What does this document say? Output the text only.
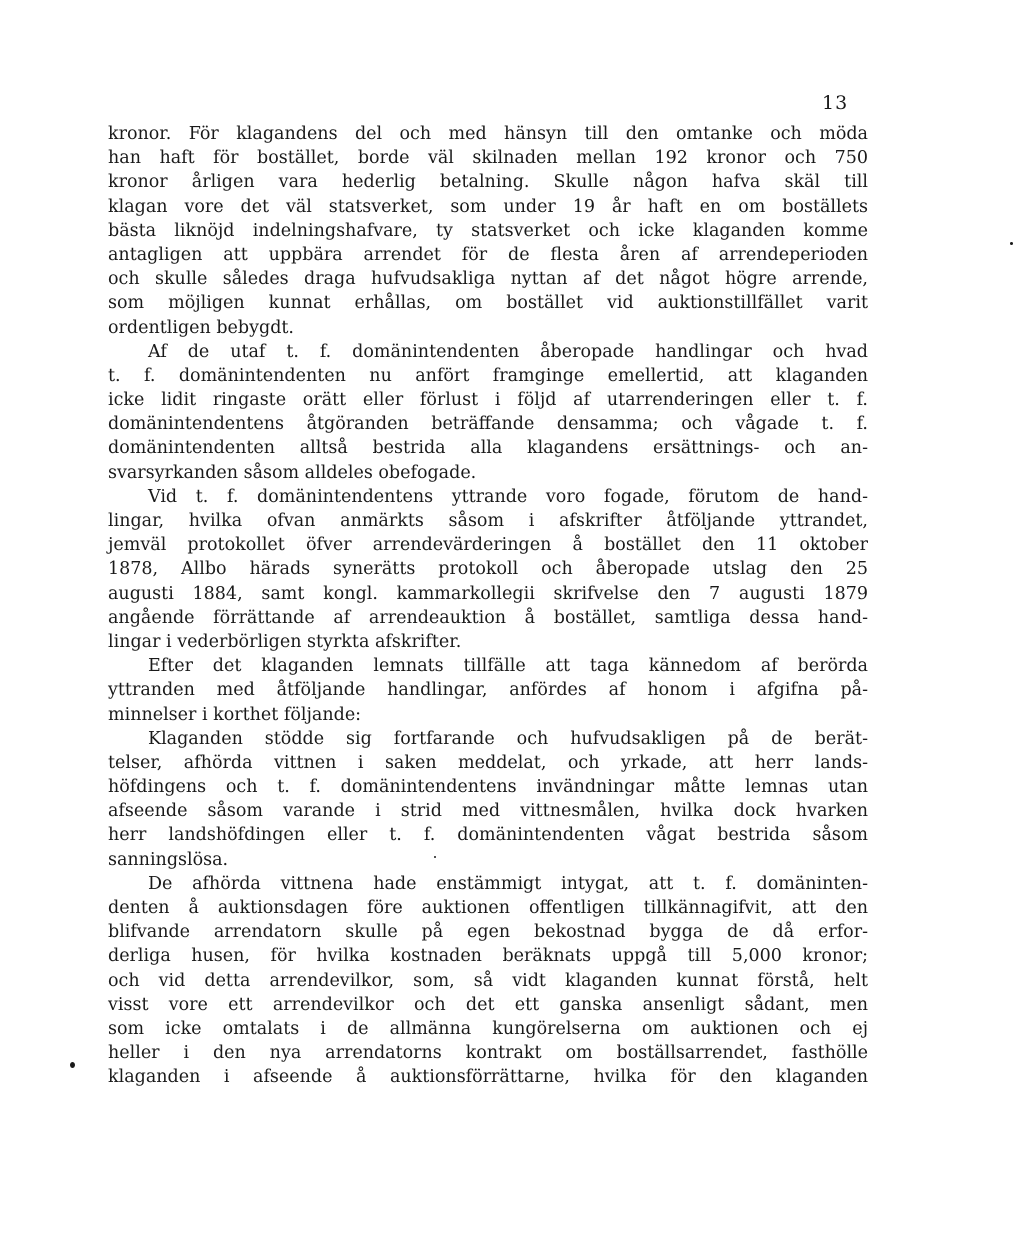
13
kronor. För klagandens del och med hänsyn till den omtanke och möda
han haft för bostället, borde väl skilnaden mellan 192 kronor och 750
kronor årligen vara hederlig betalning. Skulle någon hafva skäl till
klagan vore det väl statsverket, som under 19 år haft en om boställets
bästa liknöjd indelningshafvare, ty statsverket och icke klaganden komme
antagligen att uppbära arrendet för de flesta åren af arrendeperioden
och skulle således draga hufvudsakliga nyttan af det något högre arrende,
som möjligen kunnat erhållas, om bostället vid auktionstillfället varit
ordentligen bebygdt.
Af de utaf t. f. domänintendenten åberopade handlingar och hvad
t. f. domänintendenten nu anfört framginge emellertid, att klaganden
icke lidit ringaste orätt eller förlust i följd af utarrenderingen eller t. f.
domänintendentens åtgöranden beträffande densamma; och vågade t. f.
domänintendenten alltså bestrida alla klagandens ersättnings- och an-
svarsyrkanden såsom alldeles obefogade.
Vid t. f. domänintendentens yttrande voro fogade, förutom de hand-
lingar, hvilka ofvan anmärkts såsom i afskrifter åtföljande yttrandet,
jemväl protokollet öfver arrendevärderingen å bostället den 11 oktober
1878, Allbo härads synerätts protokoll och åberopade utslag den 25
augusti 1884, samt kongl. kammarkollegii skrifvelse den 7 augusti 1879
angående förrättande af arrendeauktion å bostället, samtliga dessa hand-
lingar i vederbörligen styrkta afskrifter.
Efter det klaganden lemnats tillfälle att taga kännedom af berörda
yttranden med åtföljande handlingar, anfördes af honom i afgifna på-
minnelser i korthet följande:
Klaganden stödde sig fortfarande och hufvudsakligen på de berät-
telser, afhörda vittnen i saken meddelat, och yrkade, att herr lands-
höfdingens och t. f. domänintendentens invändningar måtte lemnas utan
afseende såsom varande i strid med vittnesmålen, hvilka dock hvarken
herr landshöfdingen eller t. f. domänintendenten vågat bestrida såsom
sanningslösa.
De afhörda vittnena hade enstämmigt intygat, att t. f. domäninten-
denten å auktionsdagen före auktionen offentligen tillkännagifvit, att den
blifvande arrendatorn skulle på egen bekostnad bygga de då erfor-
derliga husen, för hvilka kostnaden beräknats uppgå till 5,000 kronor;
och vid detta arrendevilkor, som, så vidt klaganden kunnat förstå, helt
visst vore ett arrendevilkor och det ett ganska ansenligt sådant, men
som icke omtalats i de allmänna kungörelserna om auktionen och ej
heller i den nya arrendatorns kontrakt om boställsarrendet, fasthölle
klaganden i afseende å auktionsförrättarne, hvilka för den klaganden
